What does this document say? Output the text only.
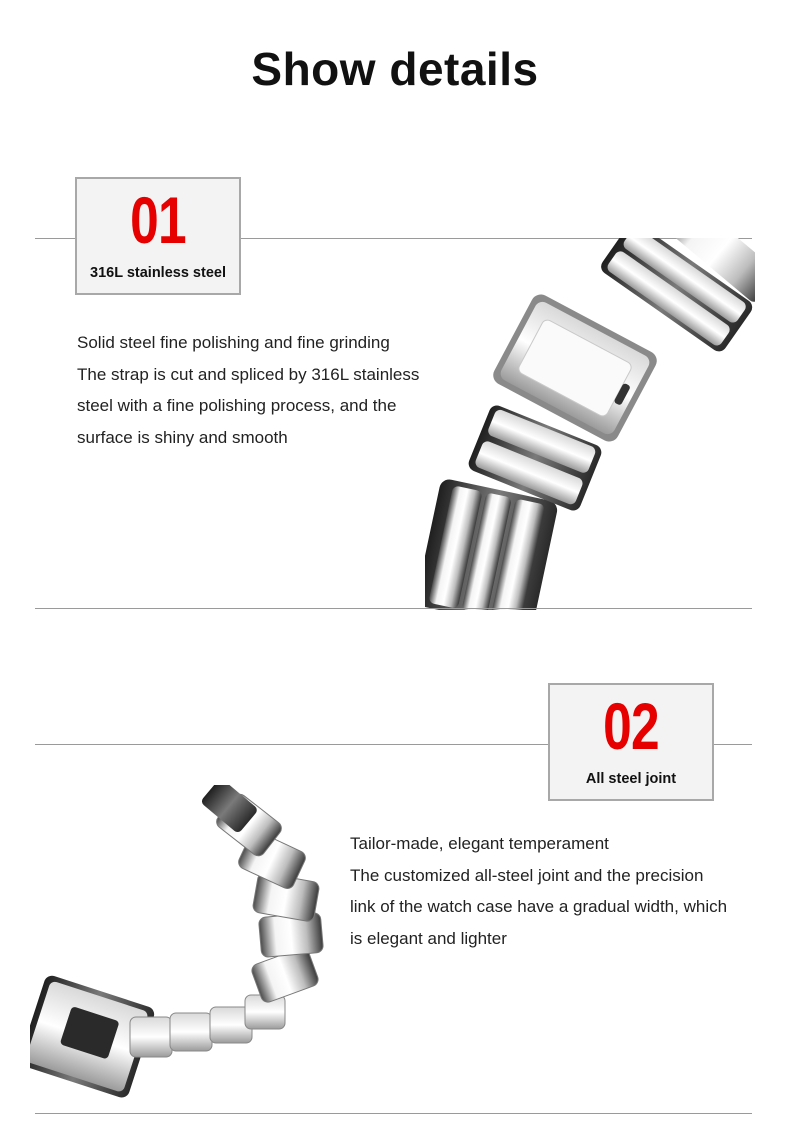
Show details
01
316L stainless steel
Solid steel fine polishing and fine grinding
The strap is cut and spliced by 316L stainless
steel with a fine polishing process, and the
surface is shiny and smooth
02
All steel joint
Tailor-made, elegant temperament
The customized all-steel joint and the precision
link of the watch case have a gradual width, which
is elegant and lighter
